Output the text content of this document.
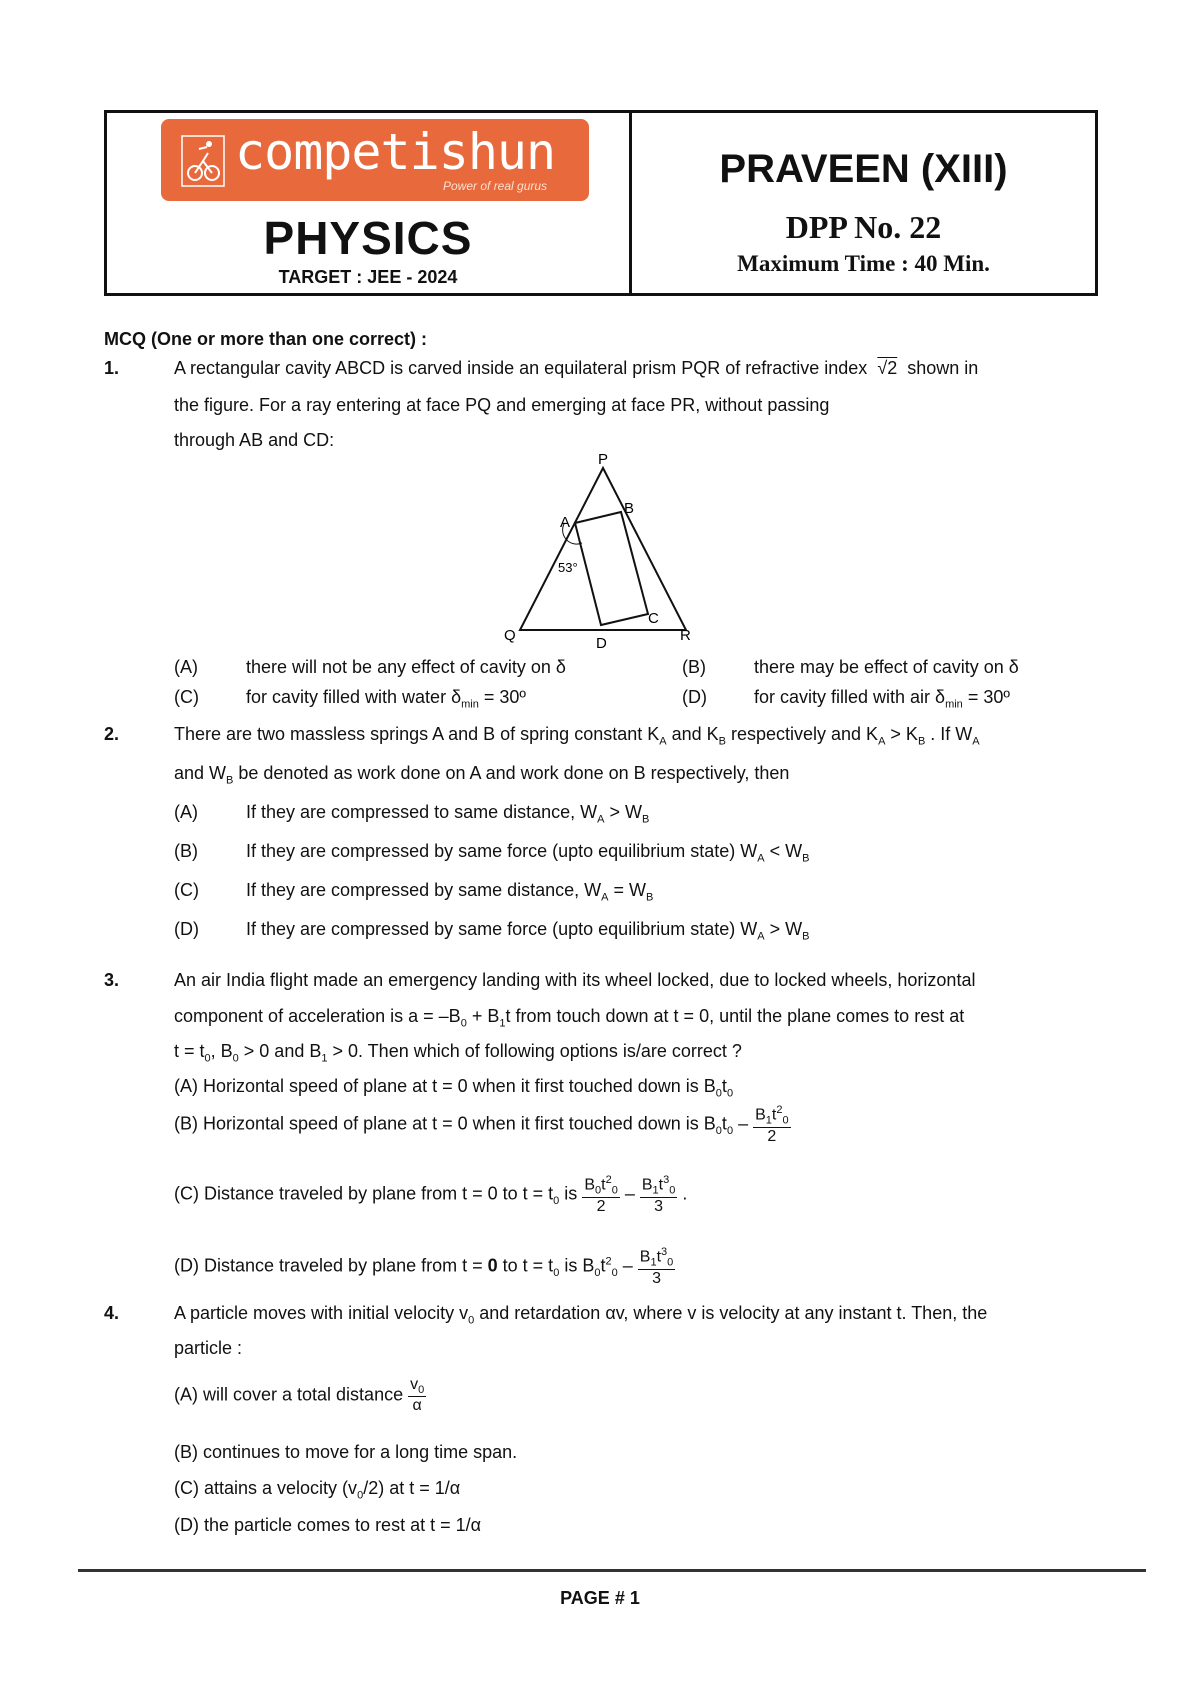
competishun
Power of real gurus
PHYSICS
TARGET : JEE - 2024
PRAVEEN (XIII)
DPP No. 22
Maximum Time : 40 Min.
MCQ (One or more than one correct) :
1.	A rectangular cavity ABCD is carved inside an equilateral prism PQR of refractive index √2 shown in
the figure. For a ray entering at face PQ and emerging at face PR, without passing
through AB and CD:
P
Q	R
A
B
C
D
53°
(A)	there will not be any effect of cavity on δ	(B)	there may be effect of cavity on δ
(C)	for cavity filled with water $\delta_{min}$ = 30º	(D)	for cavity filled with air $\delta_{min}$ = 30º
2.	There are two massless springs A and B of spring constant $K_A$ and $K_B$ respectively and $K_A > K_B$ . If $W_A$
and $W_B$ be denoted as work done on A and work done on B respectively, then
(A)	If they are compressed to same distance, $W_A > W_B$
(B)	If they are compressed by same force (upto equilibrium state) $W_A < W_B$
(C)	If they are compressed by same distance, $W_A = W_B$
(D)	If they are compressed by same force (upto equilibrium state) $W_A > W_B$
3.	An air India flight made an emergency landing with its wheel locked, due to locked wheels, horizontal
component of acceleration is $a = -B_0 + B_1t$ from touch down at t = 0, until the plane comes to rest at
$t = t_0$, $B_0 > 0$ and $B_1 > 0$. Then which of following options is/are correct ?
(A) Horizontal speed of plane at t = 0 when it first touched down is $B_0t_0$
(B) Horizontal speed of plane at t = 0 when it first touched down is $B_0t_0 - \frac{B_1t^2_0}{2}$
(C) Distance traveled by plane from t = 0 to $t = t_0$ is $\frac{B_0t^2_0}{2} - \frac{B_1t^3_0}{3}$ .
(D) Distance traveled by plane from t = 0 to $t = t_0$ is $B_0t^2_0 - \frac{B_1t^3_0}{3}$
4.	A particle moves with initial velocity $v_0$ and retardation αv, where v is velocity at any instant t. Then, the
particle :
(A) will cover a total distance $\frac{v_0}{\alpha}$
(B) continues to move for a long time span.
(C) attains a velocity $(v_0/2)$ at t = 1/α
(D) the particle comes to rest at t = 1/α
PAGE # 1
